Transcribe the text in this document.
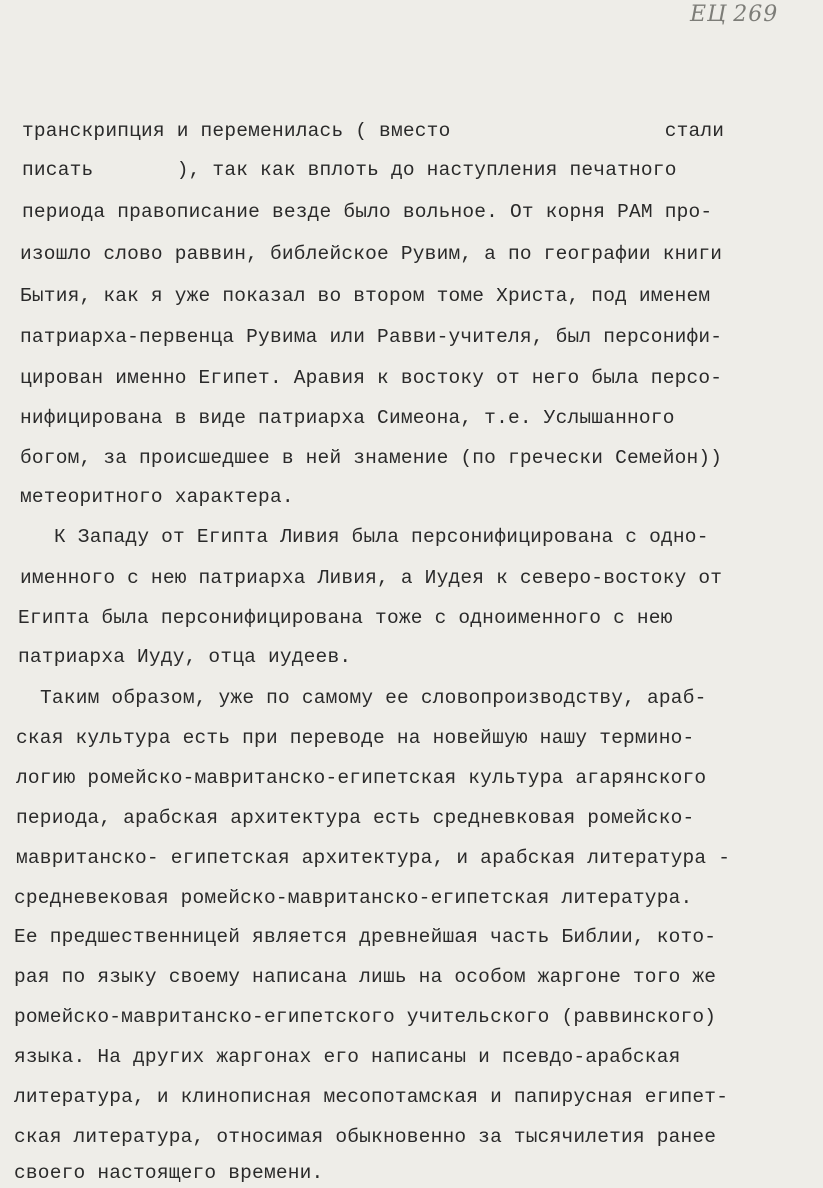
ЕЦ 269
транскрипция и переменилась ( вместо                  стали
писать       ), так как вплоть до наступления печатного
периода правописание везде было вольное. От корня РАМ про-
изошло слово раввин, библейское Рувим, а по географии книги
Бытия, как я уже показал во втором томе Христа, под именем
патриарха-первенца Рувима или Равви-учителя, был персонифи-
цирован именно Египет. Аравия к востоку от него была персо-
нифицирована в виде патриарха Симеона, т.е. Услышанного
богом, за происшедшее в ней знамение (по гречески Семейон))
метеоритного характера.
К Западу от Египта Ливия была персонифицирована с одно-
именного с нею патриарха Ливия, а Иудея к северо-востоку от
Египта была персонифицирована тоже с одноименного с нею
патриарха Иуду, отца иудеев.
Таким образом, уже по самому ее словопроизводству, араб-
ская культура есть при переводе на новейшую нашу термино-
логию ромейско-мавританско-египетская культура агарянского
периода, арабская архитектура есть средневковая ромейско-
мавританско- египетская архитектура, и арабская литература -
средневековая ромейско-мавританско-египетская литература.
Ее предшественницей является древнейшая часть Библии, кото-
рая по языку своему написана лишь на особом жаргоне того же
ромейско-мавританско-египетского учительского (раввинского)
языка. На других жаргонах его написаны и псевдо-арабская
литература, и клинописная месопотамская и папирусная египет-
ская литература, относимая обыкновенно за тысячилетия ранее
своего настоящего времени.
